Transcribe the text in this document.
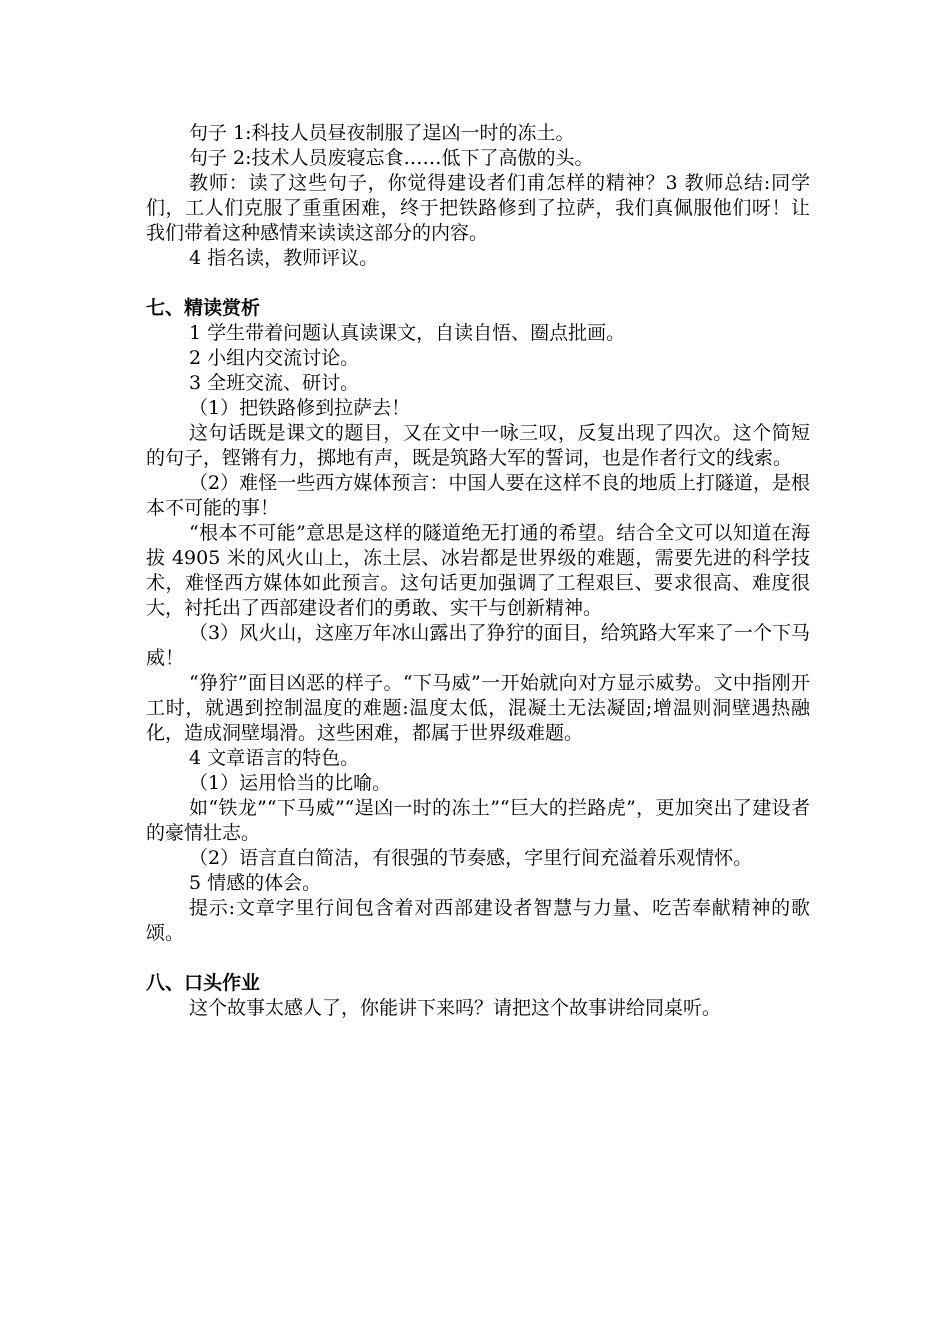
句子 1:科技人员昼夜制服了逞凶一时的冻土。

句子 2:技术人员废寝忘食……低下了高傲的头。

教师：读了这些句子，你觉得建设者们甫怎样的精神？3 教师总结:同学们，工人们克服了重重困难，终于把铁路修到了拉萨，我们真佩服他们呀！让我们带着这种感情来读读这部分的内容。

4 指名读，教师评议。

七、精读赏析

1 学生带着问题认真读课文，自读自悟、圈点批画。

2 小组内交流讨论。

3 全班交流、研讨。

（1）把铁路修到拉萨去！

这句话既是课文的题目，又在文中一咏三叹，反复出现了四次。这个简短的句子，铿锵有力，掷地有声，既是筑路大军的誓词，也是作者行文的线索。

（2）难怪一些西方媒体预言：中国人要在这样不良的地质上打隧道，是根本不可能的事！

“根本不可能”意思是这样的隧道绝无打通的希望。结合全文可以知道在海拔 4905 米的风火山上，冻土层、冰岩都是世界级的难题，需要先进的科学技术，难怪西方媒体如此预言。这句话更加强调了工程艰巨、要求很高、难度很大，衬托出了西部建设者们的勇敢、实干与创新精神。

（3）风火山，这座万年冰山露出了狰狞的面目，给筑路大军来了一个下马威！

“狰狞”面目凶恶的样子。“下马威”一开始就向对方显示威势。文中指刚开工时，就遇到控制温度的难题:温度太低，混凝土无法凝固;增温则洞壁遇热融化，造成洞壁塌滑。这些困难，都属于世界级难题。

4 文章语言的特色。

（1）运用恰当的比喻。

如“铁龙”“下马威”“逞凶一时的冻土”“巨大的拦路虎”，更加突出了建设者的豪情壮志。

（2）语言直白简洁，有很强的节奏感，字里行间充溢着乐观情怀。

5 情感的体会。

提示:文章字里行间包含着对西部建设者智慧与力量、吃苦奉献精神的歌颂。

八、口头作业

这个故事太感人了，你能讲下来吗？请把这个故事讲给同桌听。
